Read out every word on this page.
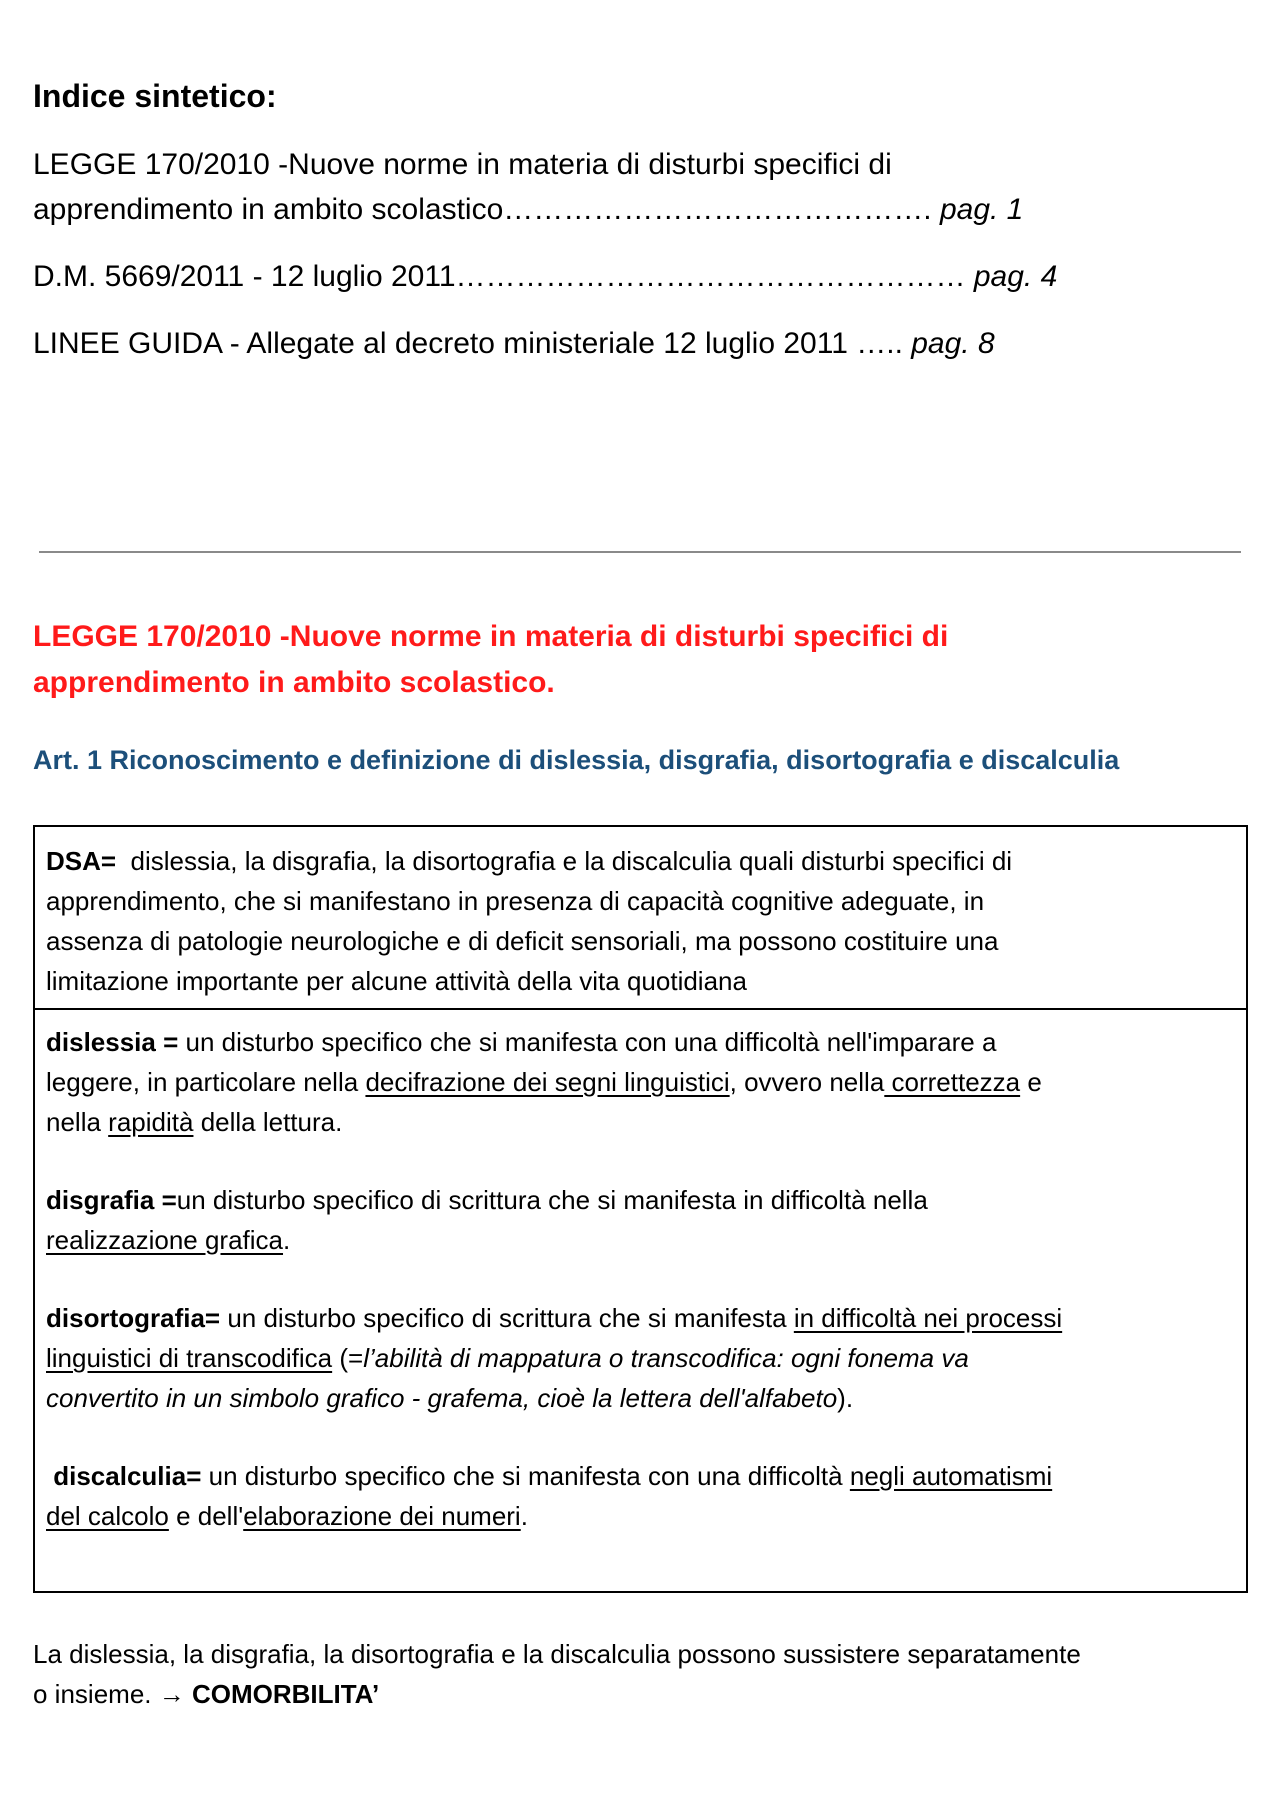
Indice sintetico:
LEGGE 170/2010 -Nuove norme in materia di disturbi specifici di
apprendimento in ambito scolastico……………………………………. pag. 1
D.M. 5669/2011 - 12 luglio 2011…………………………………………… pag. 4
LINEE GUIDA - Allegate al decreto ministeriale 12 luglio 2011 ….. pag. 8
LEGGE 170/2010 -Nuove norme in materia di disturbi specifici di
apprendimento in ambito scolastico.
Art. 1 Riconoscimento e definizione di dislessia, disgrafia, disortografia e discalculia

DSA= dislessia, la disgrafia, la disortografia e la discalculia quali disturbi specifici di
apprendimento, che si manifestano in presenza di capacità cognitive adeguate, in
assenza di patologie neurologiche e di deficit sensoriali, ma possono costituire una
limitazione importante per alcune attività della vita quotidiana

dislessia = un disturbo specifico che si manifesta con una difficoltà nell'imparare a
leggere, in particolare nella decifrazione dei segni linguistici, ovvero nella correttezza e
nella rapidità della lettura.

disgrafia =un disturbo specifico di scrittura che si manifesta in difficoltà nella
realizzazione grafica.

disortografia= un disturbo specifico di scrittura che si manifesta in difficoltà nei processi
linguistici di transcodifica (=l’abilità di mappatura o transcodifica: ogni fonema va
convertito in un simbolo grafico - grafema, cioè la lettera dell'alfabeto).

discalculia= un disturbo specifico che si manifesta con una difficoltà negli automatismi
del calcolo e dell'elaborazione dei numeri.

La dislessia, la disgrafia, la disortografia e la discalculia possono sussistere separatamente
o insieme. → COMORBILITA’
